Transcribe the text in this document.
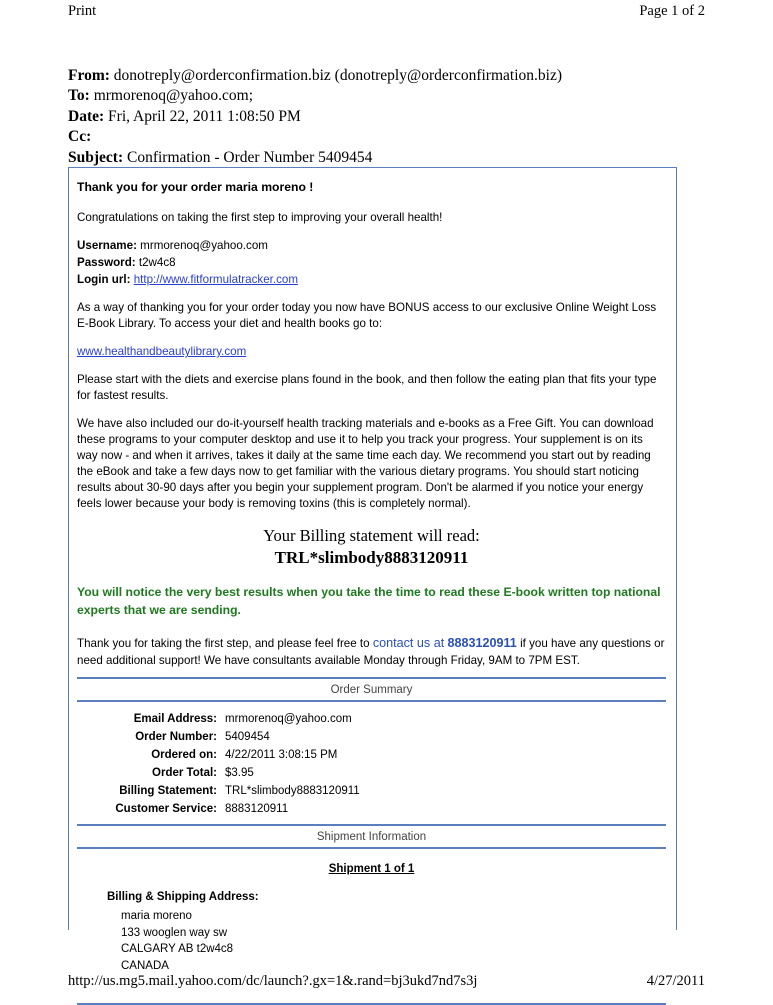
Print	Page 1 of 2
From: donotreply@orderconfirmation.biz (donotreply@orderconfirmation.biz)
To: mrmorenoq@yahoo.com;
Date: Fri, April 22, 2011 1:08:50 PM
Cc:
Subject: Confirmation - Order Number 5409454
Thank you for your order maria moreno !
Congratulations on taking the first step to improving your overall health!
Username: mrmorenoq@yahoo.com
Password: t2w4c8
Login url: http://www.fitformulatracker.com
As a way of thanking you for your order today you now have BONUS access to our exclusive Online Weight Loss E-Book Library. To access your diet and health books go to:
www.healthandbeautylibrary.com
Please start with the diets and exercise plans found in the book, and then follow the eating plan that fits your type for fastest results.
We have also included our do-it-yourself health tracking materials and e-books as a Free Gift. You can download these programs to your computer desktop and use it to help you track your progress. Your supplement is on its way now - and when it arrives, takes it daily at the same time each day. We recommend you start out by reading the eBook and take a few days now to get familiar with the various dietary programs. You should start noticing results about 30-90 days after you begin your supplement program. Don't be alarmed if you notice your energy feels lower because your body is removing toxins (this is completely normal).
Your Billing statement will read:
TRL*slimbody8883120911
You will notice the very best results when you take the time to read these E-book written top national experts that we are sending.
Thank you for taking the first step, and please feel free to contact us at 8883120911 if you have any questions or need additional support! We have consultants available Monday through Friday, 9AM to 7PM EST.
Order Summary
Email Address:	mrmorenoq@yahoo.com
Order Number:	5409454
Ordered on:	4/22/2011 3:08:15 PM
Order Total:	$3.95
Billing Statement:	TRL*slimbody8883120911
Customer Service:	8883120911
Shipment Information
Shipment 1 of 1
Billing & Shipping Address:
maria moreno
133 wooglen way sw
CALGARY AB t2w4c8
CANADA
http://us.mg5.mail.yahoo.com/dc/launch?.gx=1&.rand=bj3ukd7nd7s3j	4/27/2011
